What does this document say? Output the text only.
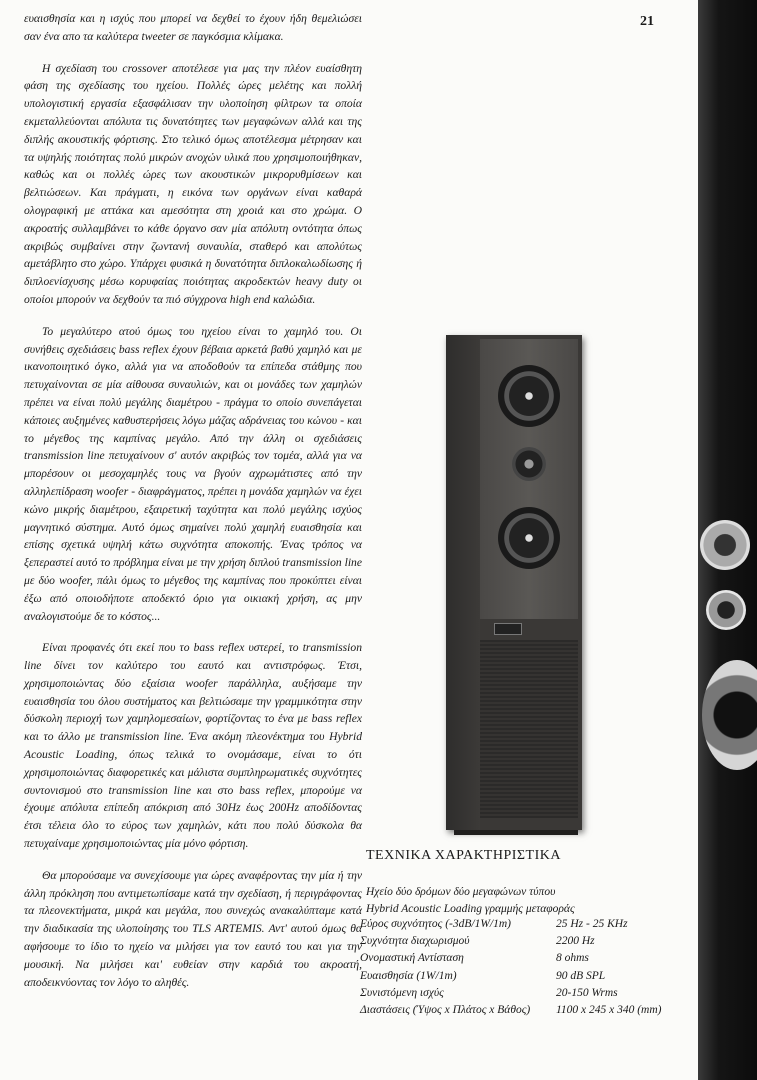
21

ευαισθησία και η ισχύς που μπορεί να δεχθεί το έχουν ήδη θεμελιώσει σαν ένα απο τα καλύτερα tweeter σε παγκόσμια κλίμακα.

Η σχεδίαση του crossover αποτέλεσε για μας την πλέον ευαίσθητη φάση της σχεδίασης του ηχείου. Πολλές ώρες μελέτης και πολλή υπολογιστική εργασία εξασφάλισαν την υλοποίηση φίλτρων τα οποία εκμεταλλεύονται απόλυτα τις δυνατότητες των μεγαφώνων αλλά και της διπλής ακουστικής φόρτισης. Στο τελικό όμως αποτέλεσμα μέτρησαν και τα υψηλής ποιότητας πολύ μικρών ανοχών υλικά που χρησιμοποιήθηκαν, καθώς και οι πολλές ώρες των ακουστικών μικρορυθμίσεων και βελτιώσεων. Και πράγματι, η εικόνα των οργάνων είναι καθαρά ολογραφική με αττάκα και αμεσότητα στη χροιά και στο χρώμα. Ο ακροατής συλλαμβάνει το κάθε όργανο σαν μία απόλυτη οντότητα όπως ακριβώς συμβαίνει στην ζωντανή συναυλία, σταθερό και απολύτως αμετάβλητο στο χώρο. Υπάρχει φυσικά η δυνατότητα διπλοκαλωδίωσης ή διπλοενίσχυσης μέσω κορυφαίας ποιότητας ακροδεκτών heavy duty οι οποίοι μπορούν να δεχθούν τα πιό σύγχρονα high end καλώδια.

Το μεγαλύτερο ατού όμως του ηχείου είναι το χαμηλό του. Οι συνήθεις σχεδιάσεις bass reflex έχουν βέβαια αρκετά βαθύ χαμηλό και με ικανοποιητικό όγκο, αλλά για να αποδοθούν τα επίπεδα στάθμης που πετυχαίνονται σε μία αίθουσα συναυλιών, και οι μονάδες των χαμηλών πρέπει να είναι πολύ μεγάλης διαμέτρου - πράγμα το οποίο συνεπάγεται κάποιες αυξημένες καθυστερήσεις λόγω μάζας αδράνειας του κώνου - και το μέγεθος της καμπίνας μεγάλο. Από την άλλη οι σχεδιάσεις transmission line πετυχαίνουν σ' αυτόν ακριβώς τον τομέα, αλλά για να μπορέσουν οι μεσοχαμηλές τους να βγούν αχρωμάτιστες από την αλληλεπίδραση woofer - διαφράγματος, πρέπει η μονάδα χαμηλών να έχει κώνο μικρής διαμέτρου, εξαιρετική ταχύτητα και πολύ μεγάλης ισχύος μαγνητικό σύστημα. Αυτό όμως σημαίνει πολύ χαμηλή ευαισθησία και επίσης σχετικά υψηλή κάτω συχνότητα αποκοπής. Ένας τρόπος να ξεπεραστεί αυτό το πρόβλημα είναι με την χρήση διπλού transmission line με δύο woofer, πάλι όμως το μέγεθος της καμπίνας που προκύπτει είναι έξω από οποιοδήποτε αποδεκτό όριο για οικιακή χρήση, ας μην αναλογιστούμε δε το κόστος...

Είναι προφανές ότι εκεί που το bass reflex υστερεί, το transmission line δίνει τον καλύτερο του εαυτό και αντιστρόφως. Έτσι, χρησιμοποιώντας δύο εξαίσια woofer παράλληλα, αυξήσαμε την ευαισθησία του όλου συστήματος και βελτιώσαμε την γραμμικότητα στην δύσκολη περιοχή των χαμηλομεσαίων, φορτίζοντας το ένα με bass reflex και το άλλο με transmission line. Ένα ακόμη πλεονέκτημα του Hybrid Acoustic Loading, όπως τελικά το ονομάσαμε, είναι το ότι χρησιμοποιώντας διαφορετικές και μάλιστα συμπληρωματικές συχνότητες συντονισμού στο transmission line και στο bass reflex, μπορούμε να έχουμε απόλυτα επίπεδη απόκριση από 30Hz έως 200Hz αποδίδοντας έτσι τέλεια όλο το εύρος των χαμηλών, κάτι που πολύ δύσκολα θα πετυχαίναμε χρησιμοποιώντας μία μόνο φόρτιση.

Θα μπορούσαμε να συνεχίσουμε για ώρες αναφέροντας την μία ή την άλλη πρόκληση που αντιμετωπίσαμε κατά την σχεδίαση, ή περιγράφοντας τα πλεονεκτήματα, μικρά και μεγάλα, που συνεχώς ανακαλύπταμε κατά την διαδικασία της υλοποίησης του TLS ARTEMIS. Αντ' αυτού όμως θα αφήσουμε το ίδιο το ηχείο να μιλήσει για τον εαυτό του και για την μουσική. Να μιλήσει και' ευθείαν στην καρδιά του ακροατή, αποδεικνύοντας τον λόγο το αληθές.

ΤΕΧΝΙΚΑ ΧΑΡΑΚΤΗΡΙΣΤΙΚΑ
Ηχείο δύο δρόμων δύο μεγαφώνων τύπου
Hybrid Acoustic Loading γραμμής μεταφοράς
Εύρος συχνότητος (-3dB/1W/1m)	25 Hz - 25 KHz
Συχνότητα διαχωρισμού	2200 Hz
Ονομαστική Αντίσταση	8 ohms
Ευαισθησία (1W/1m)	90 dB SPL
Συνιστόμενη ισχύς	20-150 Wrms
Διαστάσεις (Ύψος x Πλάτος x Βάθος)	1100 x 245 x 340 (mm)
